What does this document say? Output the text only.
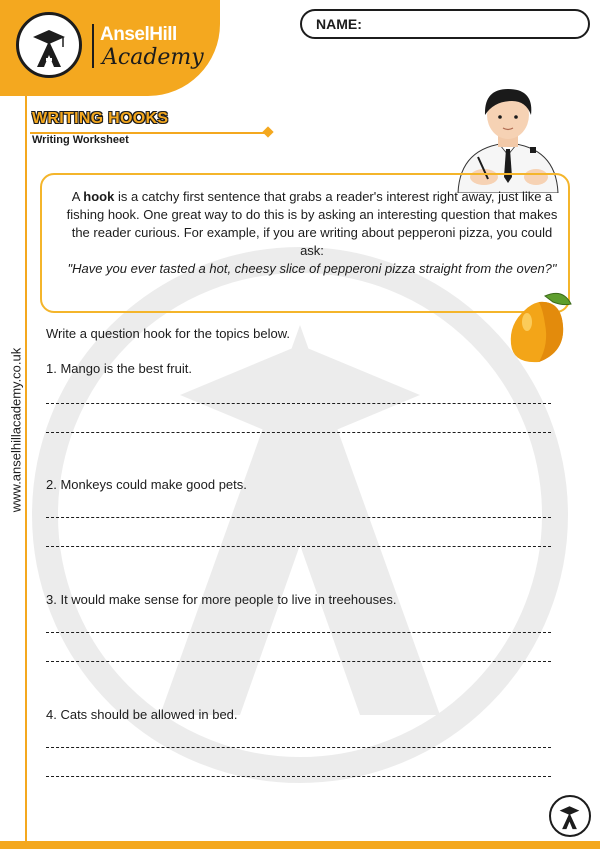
AnselHill
Academy
NAME:
www.anselhillacademy.co.uk
WRITING HOOKS
Writing Worksheet
A hook is a catchy first sentence that grabs a reader's interest right away, just like a fishing hook. One great way to do this is by asking an interesting question that makes the reader curious. For example, if you are writing about pepperoni pizza, you could ask:
"Have you ever tasted a hot, cheesy slice of pepperoni pizza straight from the oven?"
Write a question hook for the topics below.
1. Mango is the best fruit.
2. Monkeys could make good pets.
3. It would make sense for more people to live in treehouses.
4. Cats should be allowed in bed.
